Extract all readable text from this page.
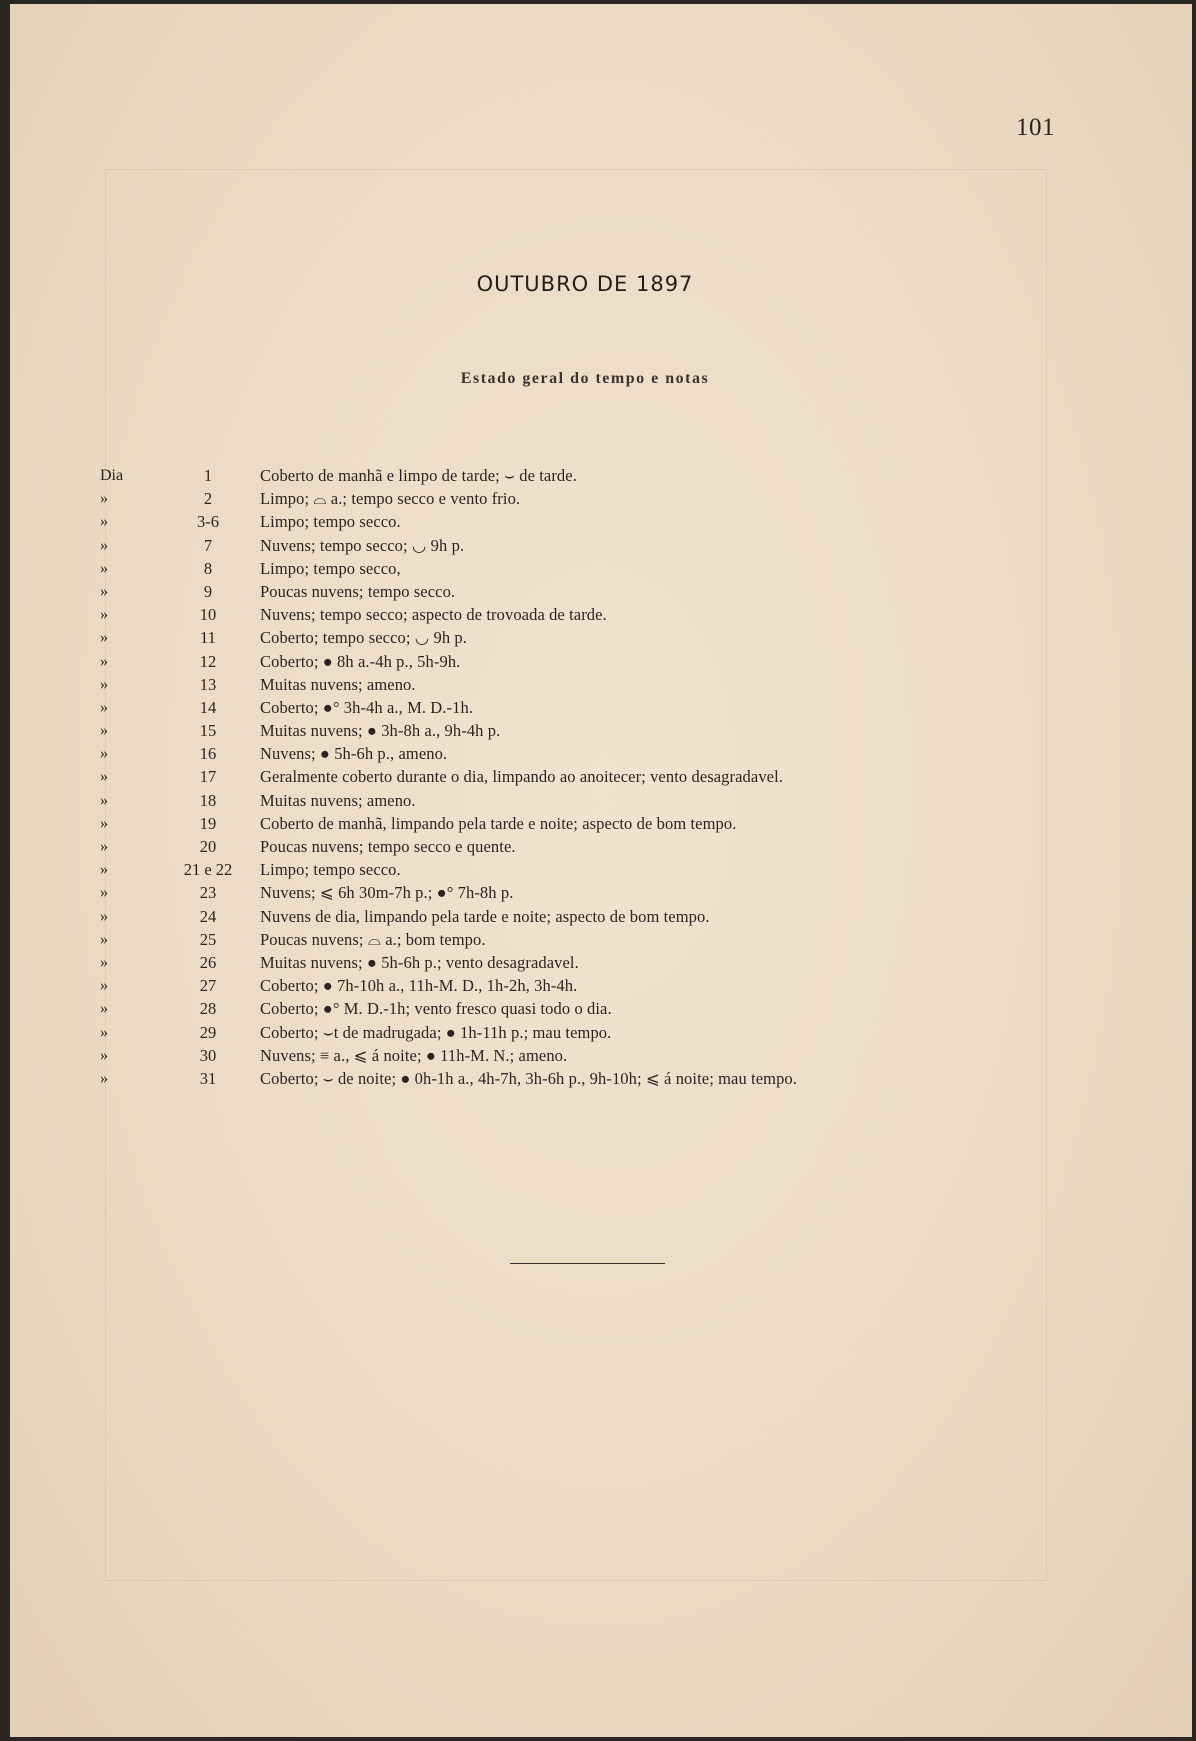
101
OUTUBRO DE 1897
Estado geral do tempo e notas
Dia	1	Coberto de manhã e limpo de tarde; ⌣ de tarde.
»	2	Limpo; ⌓ a.; tempo secco e vento frio.
»	3-6	Limpo; tempo secco.
»	7	Nuvens; tempo secco; ◡ 9h p.
»	8	Limpo; tempo secco,
»	9	Poucas nuvens; tempo secco.
»	10	Nuvens; tempo secco; aspecto de trovoada de tarde.
»	11	Coberto; tempo secco; ◡ 9h p.
»	12	Coberto; ● 8h a.-4h p., 5h-9h.
»	13	Muitas nuvens; ameno.
»	14	Coberto; ●° 3h-4h a., M. D.-1h.
»	15	Muitas nuvens; ● 3h-8h a., 9h-4h p.
»	16	Nuvens; ● 5h-6h p., ameno.
»	17	Geralmente coberto durante o dia, limpando ao anoitecer; vento desagradavel.
»	18	Muitas nuvens; ameno.
»	19	Coberto de manhã, limpando pela tarde e noite; aspecto de bom tempo.
»	20	Poucas nuvens; tempo secco e quente.
»	21 e 22	Limpo; tempo secco.
»	23	Nuvens; ⩽ 6h 30m-7h p.; ●° 7h-8h p.
»	24	Nuvens de dia, limpando pela tarde e noite; aspecto de bom tempo.
»	25	Poucas nuvens; ⌓ a.; bom tempo.
»	26	Muitas nuvens; ● 5h-6h p.; vento desagradavel.
»	27	Coberto; ● 7h-10h a., 11h-M. D., 1h-2h, 3h-4h.
»	28	Coberto; ●° M. D.-1h; vento fresco quasi todo o dia.
»	29	Coberto; ⌣t de madrugada; ● 1h-11h p.; mau tempo.
»	30	Nuvens; ≡ a., ⩽ á noite; ● 11h-M. N.; ameno.
»	31	Coberto; ⌣ de noite; ● 0h-1h a., 4h-7h, 3h-6h p., 9h-10h; ⩽ á noite; mau tempo.
